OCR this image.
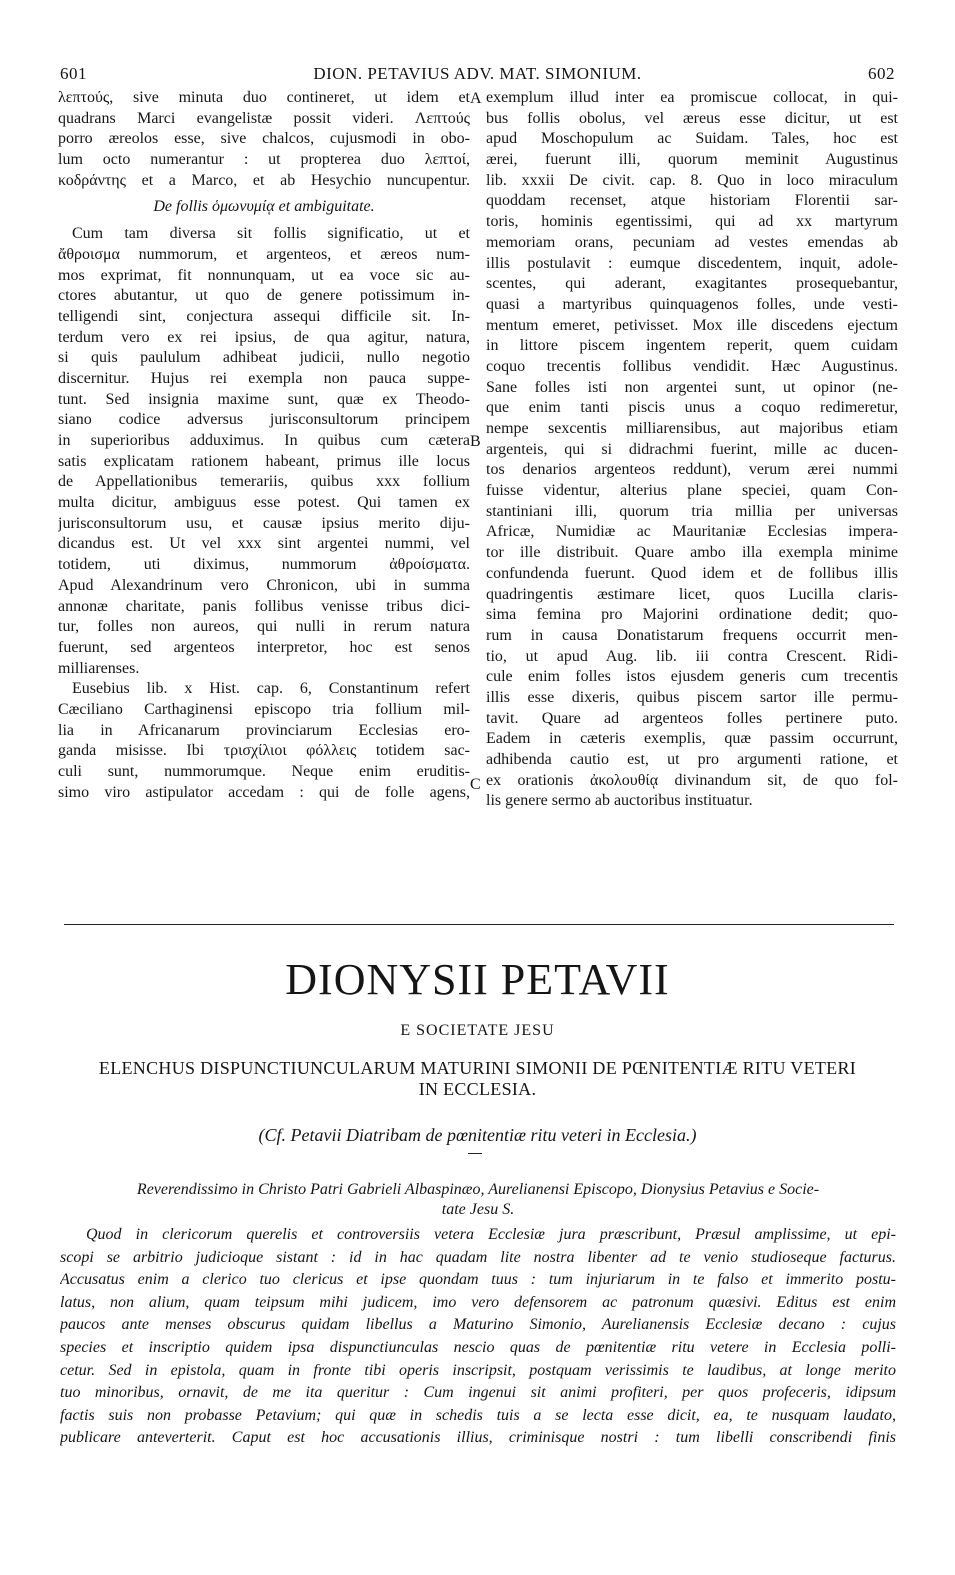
601	DION. PETAVIUS ADV. MAT. SIMONIUM.	602
λεπτούς, sive minuta duo contineret, ut idem et
quadrans Marci evangelistæ possit videri. Λεπτούς
porro æreolos esse, sive chalcos, cujusmodi in obo-
lum octo numerantur : ut propterea duo λεπτοί,
κοδράντης et a Marco, et ab Hesychio nuncupentur.
De follis ὁμωνυμίᾳ et ambiguitate.
Cum tam diversa sit follis significatio, ut et
ἄθροισμα nummorum, et argenteos, et æreos num-
mos exprimat, fit nonnunquam, ut ea voce sic au-
ctores abutantur, ut quo de genere potissimum in-
telligendi sint, conjectura assequi difficile sit. In-
terdum vero ex rei ipsius, de qua agitur, natura,
si quis paululum adhibeat judicii, nullo negotio
discernitur. Hujus rei exempla non pauca suppe-
tunt. Sed insignia maxime sunt, quæ ex Theodo-
siano codice adversus jurisconsultorum principem
in superioribus adduximus. In quibus cum cætera
satis explicatam rationem habeant, primus ille locus
de Appellationibus temerariis, quibus xxx follium
multa dicitur, ambiguus esse potest. Qui tamen ex
jurisconsultorum usu, et causæ ipsius merito diju-
dicandus est. Ut vel xxx sint argentei nummi, vel
totidem, uti diximus, nummorum ἀθροίσματα.
Apud Alexandrinum vero Chronicon, ubi in summa
annonæ charitate, panis follibus venisse tribus dici-
tur, folles non aureos, qui nulli in rerum natura
fuerunt, sed argenteos interpretor, hoc est senos
milliarenses.
Eusebius lib. x Hist. cap. 6, Constantinum refert
Cæciliano Carthaginensi episcopo tria follium mil-
lia in Africanarum provinciarum Ecclesias ero-
ganda misisse. Ibi τρισχίλιοι φόλλεις totidem sac-
culi sunt, nummorumque. Neque enim eruditis-
simo viro astipulator accedam : qui de folle agens,
exemplum illud inter ea promiscue collocat, in qui-
bus follis obolus, vel æreus esse dicitur, ut est
apud Moschopulum ac Suidam. Tales, hoc est
ærei, fuerunt illi, quorum meminit Augustinus
lib. xxxii De civit. cap. 8. Quo in loco miraculum
quoddam recenset, atque historiam Florentii sar-
toris, hominis egentissimi, qui ad xx martyrum
memoriam orans, pecuniam ad vestes emendas ab
illis postulavit : eumque discedentem, inquit, adole-
scentes, qui aderant, exagitantes prosequebantur,
quasi a martyribus quinquagenos folles, unde vesti-
mentum emeret, petivisset. Mox ille discedens ejectum
in littore piscem ingentem reperit, quem cuidam
coquo trecentis follibus vendidit. Hæc Augustinus.
Sane folles isti non argentei sunt, ut opinor (ne-
que enim tanti piscis unus a coquo redimeretur,
nempe sexcentis milliarensibus, aut majoribus etiam
argenteis, qui si didrachmi fuerint, mille ac ducen-
tos denarios argenteos reddunt), verum ærei nummi
fuisse videntur, alterius plane speciei, quam Con-
stantiniani illi, quorum tria millia per universas
Africæ, Numidiæ ac Mauritaniæ Ecclesias impera-
tor ille distribuit. Quare ambo illa exempla minime
confundenda fuerunt. Quod idem et de follibus illis
quadringentis æstimare licet, quos Lucilla claris-
sima femina pro Majorini ordinatione dedit; quo-
rum in causa Donatistarum frequens occurrit men-
tio, ut apud Aug. lib. iii contra Crescent. Ridi-
cule enim folles istos ejusdem generis cum trecentis
illis esse dixeris, quibus piscem sartor ille permu-
tavit. Quare ad argenteos folles pertinere puto.
Eadem in cæteris exemplis, quæ passim occurrunt,
adhibenda cautio est, ut pro argumenti ratione, et
ex orationis ἀκολουθίᾳ divinandum sit, de quo fol-
lis genere sermo ab auctoribus instituatur.
A
B
C
DIONYSII PETAVII
E SOCIETATE JESU
ELENCHUS DISPUNCTIUNCULARUM MATURINI SIMONII DE PŒNITENTIÆ RITU VETERI
IN ECCLESIA.
(Cf. Petavii Diatribam de pœnitentiæ ritu veteri in Ecclesia.)
Reverendissimo in Christo Patri Gabrieli Albaspinæo, Aurelianensi Episcopo, Dionysius Petavius e Socie-
tate Jesu S.
Quod in clericorum querelis et controversiis vetera Ecclesiæ jura præscribunt, Præsul amplissime, ut epi-
scopi se arbitrio judicioque sistant : id in hac quadam lite nostra libenter ad te venio studioseque facturus.
Accusatus enim a clerico tuo clericus et ipse quondam tuus : tum injuriarum in te falso et immerito postu-
latus, non alium, quam teipsum mihi judicem, imo vero defensorem ac patronum quæsivi. Editus est enim
paucos ante menses obscurus quidam libellus a Maturino Simonio, Aurelianensis Ecclesiæ decano : cujus
species et inscriptio quidem ipsa dispunctiunculas nescio quas de pœnitentiæ ritu vetere in Ecclesia polli-
cetur. Sed in epistola, quam in fronte tibi operis inscripsit, postquam verissimis te laudibus, at longe merito
tuo minoribus, ornavit, de me ita queritur : Cum ingenui sit animi profiteri, per quos profeceris, idipsum
factis suis non probasse Petavium; qui quæ in schedis tuis a se lecta esse dicit, ea, te nusquam laudato,
publicare anteverterit. Caput est hoc accusationis illius, criminisque nostri : tum libelli conscribendi finis
